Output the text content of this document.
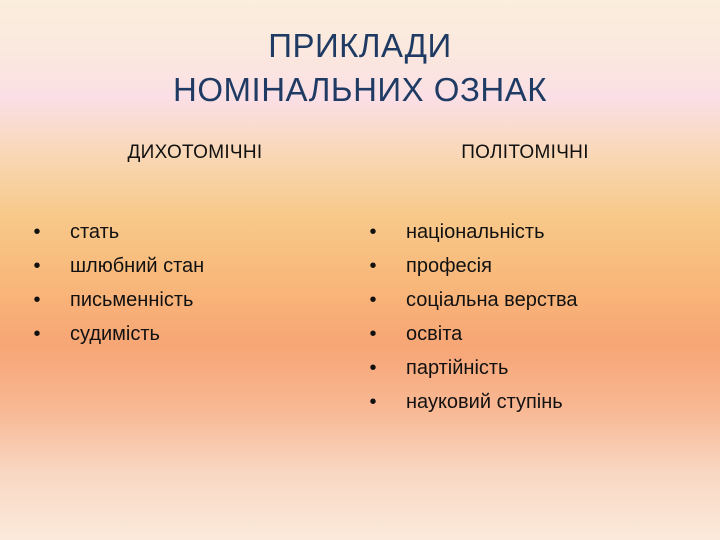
ПРИКЛАДИ
НОМІНАЛЬНИХ ОЗНАК
ДИХОТОМІЧНІ	ПОЛІТОМІЧНІ
• стать
• шлюбний стан
• письменність
• судимість
• національність
• професія
• соціальна верства
• освіта
• партійність
• науковий ступінь
